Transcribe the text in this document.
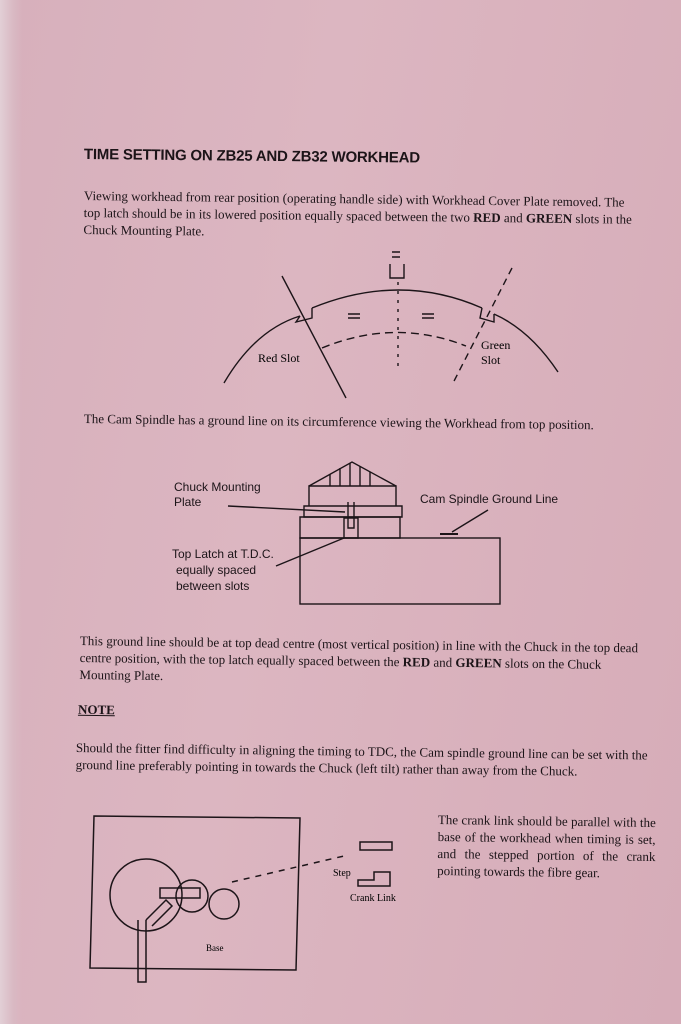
TIME SETTING ON ZB25 AND ZB32 WORKHEAD
Viewing workhead from rear position (operating handle side) with Workhead Cover Plate removed. The top latch should be in its lowered position equally spaced between the two RED and GREEN slots in the Chuck Mounting Plate.
Red Slot
Green
Slot
The Cam Spindle has a ground line on its circumference viewing the Workhead from top position.
Chuck Mounting
Plate	Cam Spindle Ground Line
Top Latch at T.D.C.
equally spaced
between slots
This ground line should be at top dead centre (most vertical position) in line with the Chuck in the top dead centre position, with the top latch equally spaced between the RED and GREEN slots on the Chuck Mounting Plate.
NOTE
Should the fitter find difficulty in aligning the timing to TDC, the Cam spindle ground line can be set with the ground line preferably pointing in towards the Chuck (left tilt) rather than away from the Chuck.
Base
Step
Crank Link
The crank link should be parallel with the base of the workhead when timing is set, and the stepped portion of the crank pointing towards the fibre gear.
